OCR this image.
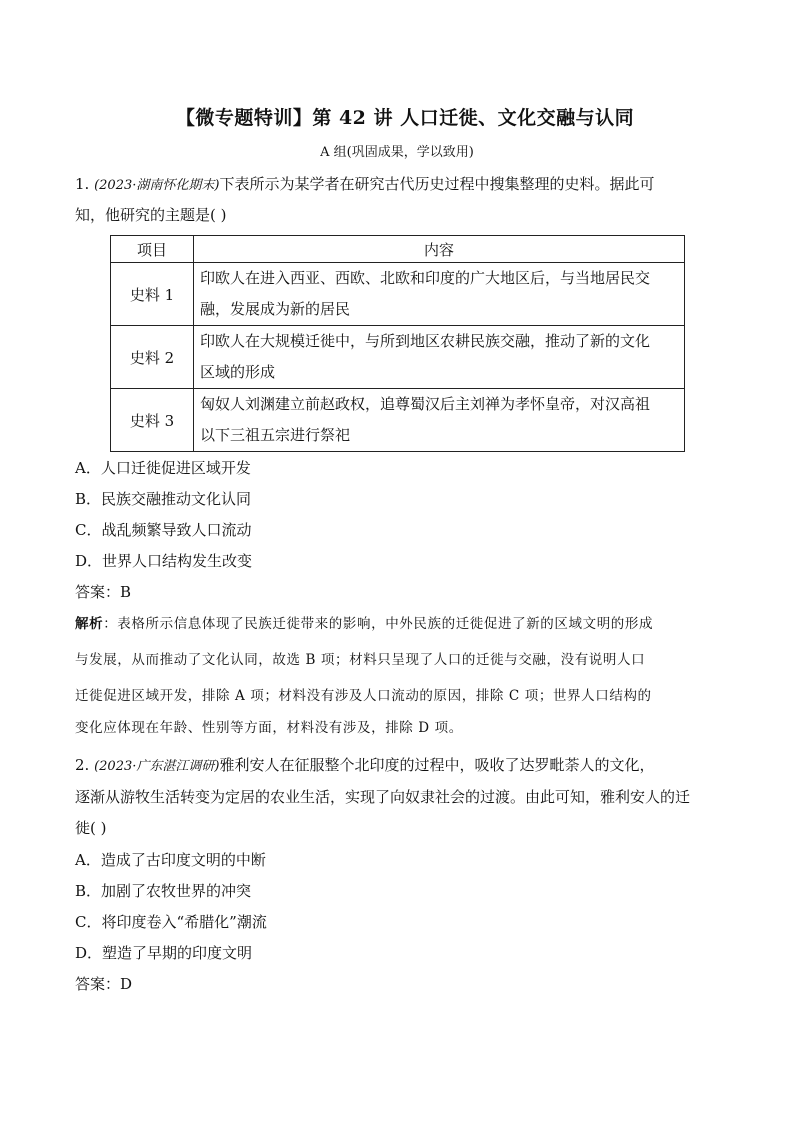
【微专题特训】第 42 讲 人口迁徙、文化交融与认同
A 组(巩固成果，学以致用)
1. (2023·湖南怀化期末)下表所示为某学者在研究古代历史过程中搜集整理的史料。据此可
知，他研究的主题是( )
项目	内容
史料 1	印欧人在进入西亚、西欧、北欧和印度的广大地区后，与当地居民交
融，发展成为新的居民
史料 2	印欧人在大规模迁徙中，与所到地区农耕民族交融，推动了新的文化
区域的形成
史料 3	匈奴人刘渊建立前赵政权，追尊蜀汉后主刘禅为孝怀皇帝，对汉高祖
以下三祖五宗进行祭祀
A．人口迁徙促进区域开发
B．民族交融推动文化认同
C．战乱频繁导致人口流动
D．世界人口结构发生改变
答案：B
解析：表格所示信息体现了民族迁徙带来的影响，中外民族的迁徙促进了新的区域文明的形成
与发展，从而推动了文化认同，故选 B 项；材料只呈现了人口的迁徙与交融，没有说明人口
迁徙促进区域开发，排除 A 项；材料没有涉及人口流动的原因，排除 C 项；世界人口结构的
变化应体现在年龄、性别等方面，材料没有涉及，排除 D 项。
2. (2023·广东湛江调研)雅利安人在征服整个北印度的过程中，吸收了达罗毗荼人的文化，
逐渐从游牧生活转变为定居的农业生活，实现了向奴隶社会的过渡。由此可知，雅利安人的迁
徙( )
A．造成了古印度文明的中断
B．加剧了农牧世界的冲突
C．将印度卷入“希腊化”潮流
D．塑造了早期的印度文明
答案：D
